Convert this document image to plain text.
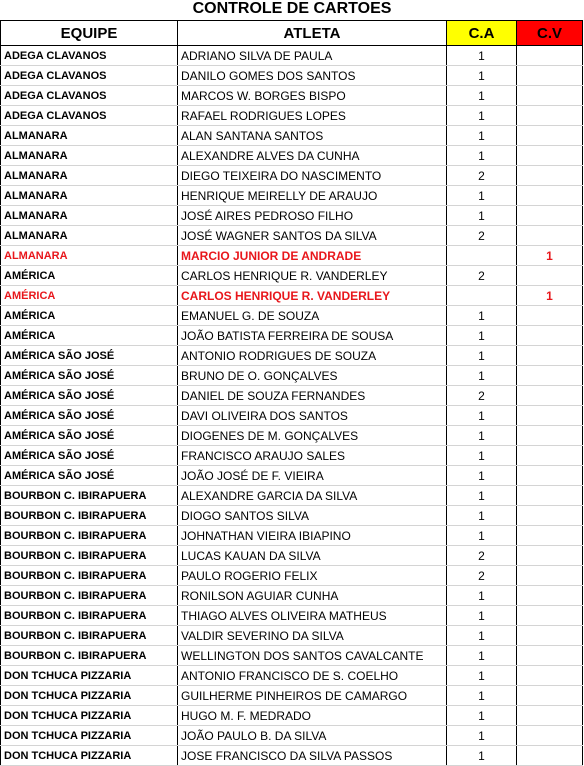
CONTROLE DE CARTOES
EQUIPE	ATLETA	C.A	C.V
ADEGA CLAVANOS	ADRIANO SILVA DE PAULA	1	
ADEGA CLAVANOS	DANILO GOMES DOS SANTOS	1	
ADEGA CLAVANOS	MARCOS W. BORGES BISPO	1	
ADEGA CLAVANOS	RAFAEL RODRIGUES LOPES	1	
ALMANARA	ALAN SANTANA SANTOS	1	
ALMANARA	ALEXANDRE ALVES DA CUNHA	1	
ALMANARA	DIEGO TEIXEIRA DO NASCIMENTO	2	
ALMANARA	HENRIQUE MEIRELLY DE ARAUJO	1	
ALMANARA	JOSÉ AIRES PEDROSO FILHO	1	
ALMANARA	JOSÉ WAGNER SANTOS DA SILVA	2	
ALMANARA	MARCIO JUNIOR DE ANDRADE		1
AMÉRICA	CARLOS HENRIQUE R. VANDERLEY	2	
AMÉRICA	CARLOS HENRIQUE R. VANDERLEY		1
AMÉRICA	EMANUEL G. DE SOUZA	1	
AMÉRICA	JOÃO BATISTA FERREIRA DE SOUSA	1	
AMÉRICA SÃO JOSÉ	ANTONIO RODRIGUES DE SOUZA	1	
AMÉRICA SÃO JOSÉ	BRUNO DE O. GONÇALVES	1	
AMÉRICA SÃO JOSÉ	DANIEL DE SOUZA FERNANDES	2	
AMÉRICA SÃO JOSÉ	DAVI OLIVEIRA DOS SANTOS	1	
AMÉRICA SÃO JOSÉ	DIOGENES DE M. GONÇALVES	1	
AMÉRICA SÃO JOSÉ	FRANCISCO ARAUJO SALES	1	
AMÉRICA SÃO JOSÉ	JOÃO JOSÉ DE F. VIEIRA	1	
BOURBON C. IBIRAPUERA	ALEXANDRE GARCIA DA SILVA	1	
BOURBON C. IBIRAPUERA	DIOGO SANTOS SILVA	1	
BOURBON C. IBIRAPUERA	JOHNATHAN VIEIRA IBIAPINO	1	
BOURBON C. IBIRAPUERA	LUCAS KAUAN DA SILVA	2	
BOURBON C. IBIRAPUERA	PAULO ROGERIO FELIX	2	
BOURBON C. IBIRAPUERA	RONILSON AGUIAR CUNHA	1	
BOURBON C. IBIRAPUERA	THIAGO ALVES OLIVEIRA MATHEUS	1	
BOURBON C. IBIRAPUERA	VALDIR SEVERINO DA SILVA	1	
BOURBON C. IBIRAPUERA	WELLINGTON DOS SANTOS CAVALCANTE	1	
DON TCHUCA PIZZARIA	ANTONIO FRANCISCO DE S. COELHO	1	
DON TCHUCA PIZZARIA	GUILHERME PINHEIROS DE CAMARGO	1	
DON TCHUCA PIZZARIA	HUGO M. F. MEDRADO	1	
DON TCHUCA PIZZARIA	JOÃO PAULO B. DA SILVA	1	
DON TCHUCA PIZZARIA	JOSE FRANCISCO DA SILVA PASSOS	1	
